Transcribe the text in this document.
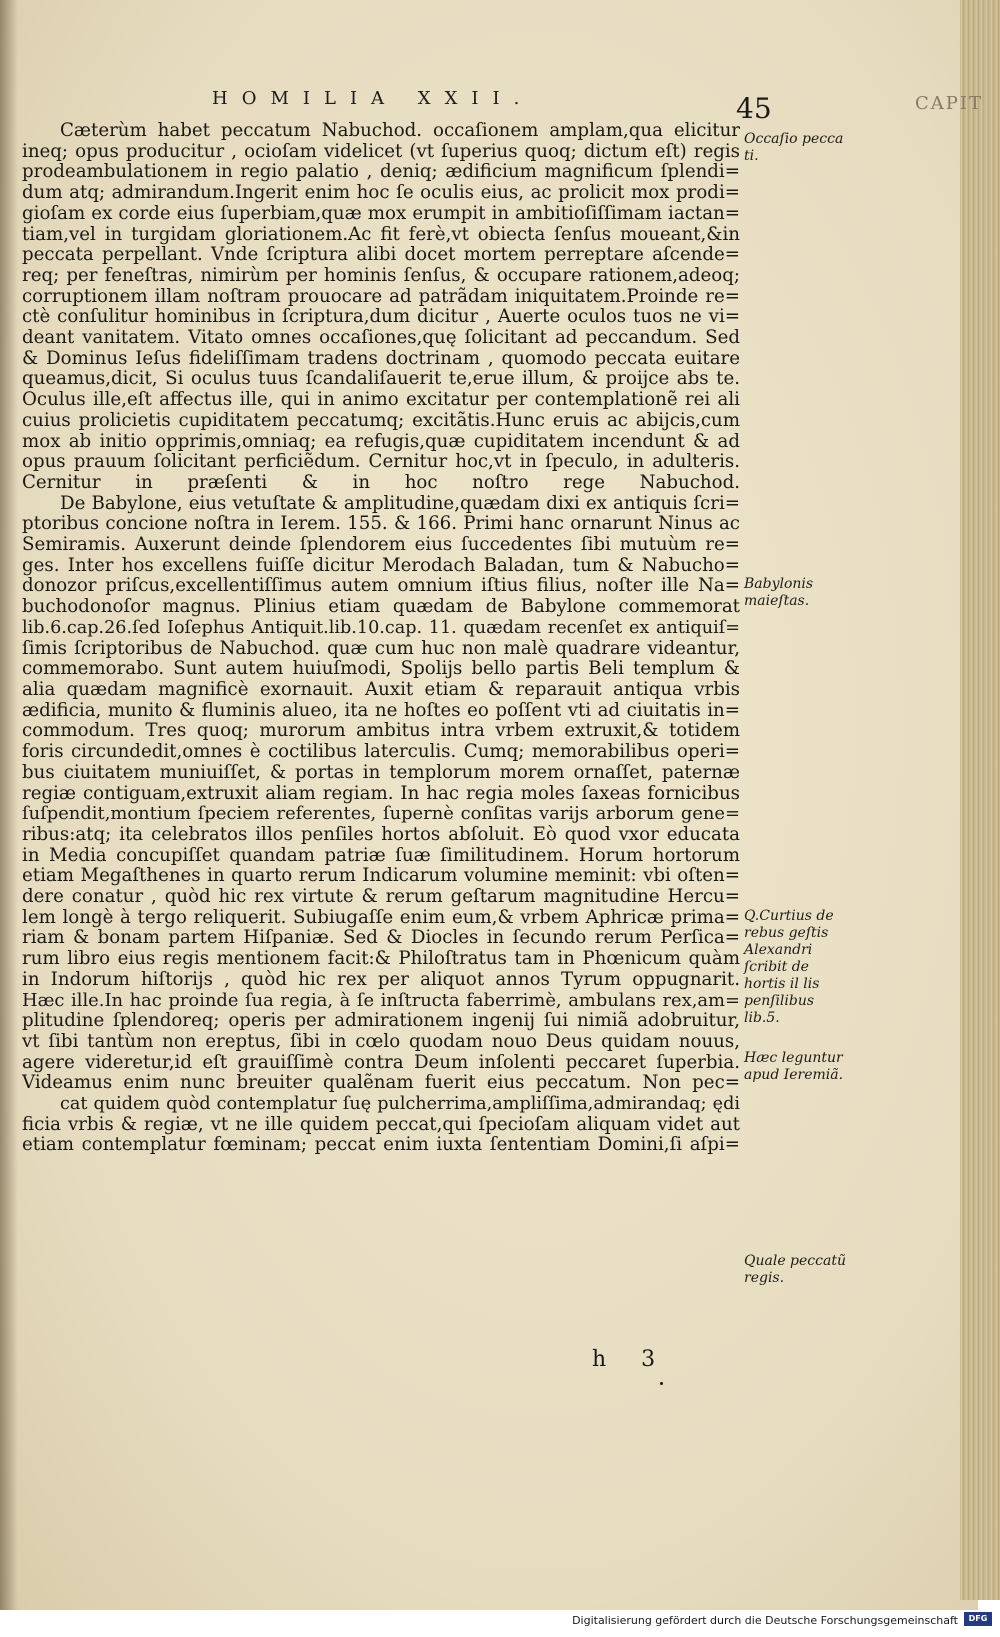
HOMILIA XXII.	45	CAPIT
Cæterùm habet peccatum Nabuchod. occaſionem amplam,qua elicitur
ineq; opus producitur , ocioſam videlicet (vt ſuperius quoq; dictum eſt) regis
prodeambulationem in regio palatio , deniq; ædificium magnificum ſplendi=
dum atq; admirandum.Ingerit enim hoc ſe oculis eius, ac prolicit mox prodi=
gioſam ex corde eius ſuperbiam,quæ mox erumpit in ambitioſiſſimam iactan=
tiam,vel in turgidam gloriationem.Ac fit ferè,vt obiecta ſenſus moueant,&in
peccata perpellant. Vnde ſcriptura alibi docet mortem perreptare aſcende=
req; per feneſtras, nimirùm per hominis ſenſus, & occupare rationem,adeoq;
corruptionem illam noſtram prouocare ad patrãdam iniquitatem.Proinde re=
ctè conſulitur hominibus in ſcriptura,dum dicitur , Auerte oculos tuos ne vi=
deant vanitatem. Vitato omnes occaſiones,quę ſolicitant ad peccandum. Sed
& Dominus Ieſus fideliſſimam tradens doctrinam , quomodo peccata euitare
queamus,dicit, Si oculus tuus ſcandaliſauerit te,erue illum, & proijce abs te.
Oculus ille,eſt affectus ille, qui in animo excitatur per contemplationẽ rei ali
cuius prolicietis cupiditatem peccatumq; excitãtis.Hunc eruis ac abijcis,cum
mox ab initio opprimis,omniaq; ea refugis,quæ cupiditatem incendunt & ad
opus prauum ſolicitant perficiẽdum. Cernitur hoc,vt in ſpeculo, in adulteris.
Cernitur in præſenti & in hoc noſtro rege Nabuchod.
De Babylone, eius vetuſtate & amplitudine,quædam dixi ex antiquis ſcri=
ptoribus concione noſtra in Ierem. 155. & 166. Primi hanc ornarunt Ninus ac
Semiramis. Auxerunt deinde ſplendorem eius ſuccedentes ſibi mutuùm re=
ges. Inter hos excellens fuiſſe dicitur Merodach Baladan, tum & Nabucho=
donozor priſcus,excellentiſſimus autem omnium iſtius filius, noſter ille Na=
buchodonoſor magnus. Plinius etiam quædam de Babylone commemorat
lib.6.cap.26.ſed Ioſephus Antiquit.lib.10.cap. 11. quædam recenſet ex antiquiſ=
ſimis ſcriptoribus de Nabuchod. quæ cum huc non malè quadrare videantur,
commemorabo. Sunt autem huiuſmodi, Spolijs bello partis Beli templum &
alia quædam magnificè exornauit. Auxit etiam & reparauit antiqua vrbis
ædificia, munito & fluminis alueo, ita ne hoſtes eo poſſent vti ad ciuitatis in=
commodum. Tres quoq; murorum ambitus intra vrbem extruxit,& totidem
foris circundedit,omnes è coctilibus laterculis. Cumq; memorabilibus operi=
bus ciuitatem muniuiſſet, & portas in templorum morem ornaſſet, paternæ
regiæ contiguam,extruxit aliam regiam. In hac regia moles ſaxeas fornicibus
ſuſpendit,montium ſpeciem referentes, ſupernè conſitas varijs arborum gene=
ribus:atq; ita celebratos illos penſiles hortos abſoluit. Eò quod vxor educata
in Media concupiſſet quandam patriæ ſuæ ſimilitudinem. Horum hortorum
etiam Megaſthenes in quarto rerum Indicarum volumine meminit: vbi oſten=
dere conatur , quòd hic rex virtute & rerum geſtarum magnitudine Hercu=
lem longè à tergo reliquerit. Subiugaſſe enim eum,& vrbem Aphricæ prima=
riam & bonam partem Hiſpaniæ. Sed & Diocles in ſecundo rerum Perſica=
rum libro eius regis mentionem facit:& Philoſtratus tam in Phœnicum quàm
in Indorum hiſtorijs , quòd hic rex per aliquot annos Tyrum oppugnarit.
Hæc ille.In hac proinde ſua regia, à ſe inſtructa faberrimè, ambulans rex,am=
plitudine ſplendoreq; operis per admirationem ingenij ſui nimiã adobruitur,
vt ſibi tantùm non ereptus, ſibi in cœlo quodam nouo Deus quidam nouus,
agere videretur,id eſt grauiſſimè contra Deum inſolenti peccaret ſuperbia.
Videamus enim nunc breuiter qualẽnam fuerit eius peccatum. Non pec=
cat quidem quòd contemplatur ſuę pulcherrima,ampliſſima,admirandaq; ędi
ficia vrbis & regiæ, vt ne ille quidem peccat,qui ſpecioſam aliquam videt aut
etiam contemplatur fœminam; peccat enim iuxta ſententiam Domini,ſi aſpi=
Occaſio pecca ti.
Babylonis maieſtas.
Q.Curtius de rebus geſtis Alexandri ſcribit de hortis il lis penſilibus lib.5.
Hæc leguntur apud Ieremiã.
Quale peccatũ regis.
h 3
Digitalisierung gefördert durch die Deutsche Forschungsgemeinschaft	DFG
